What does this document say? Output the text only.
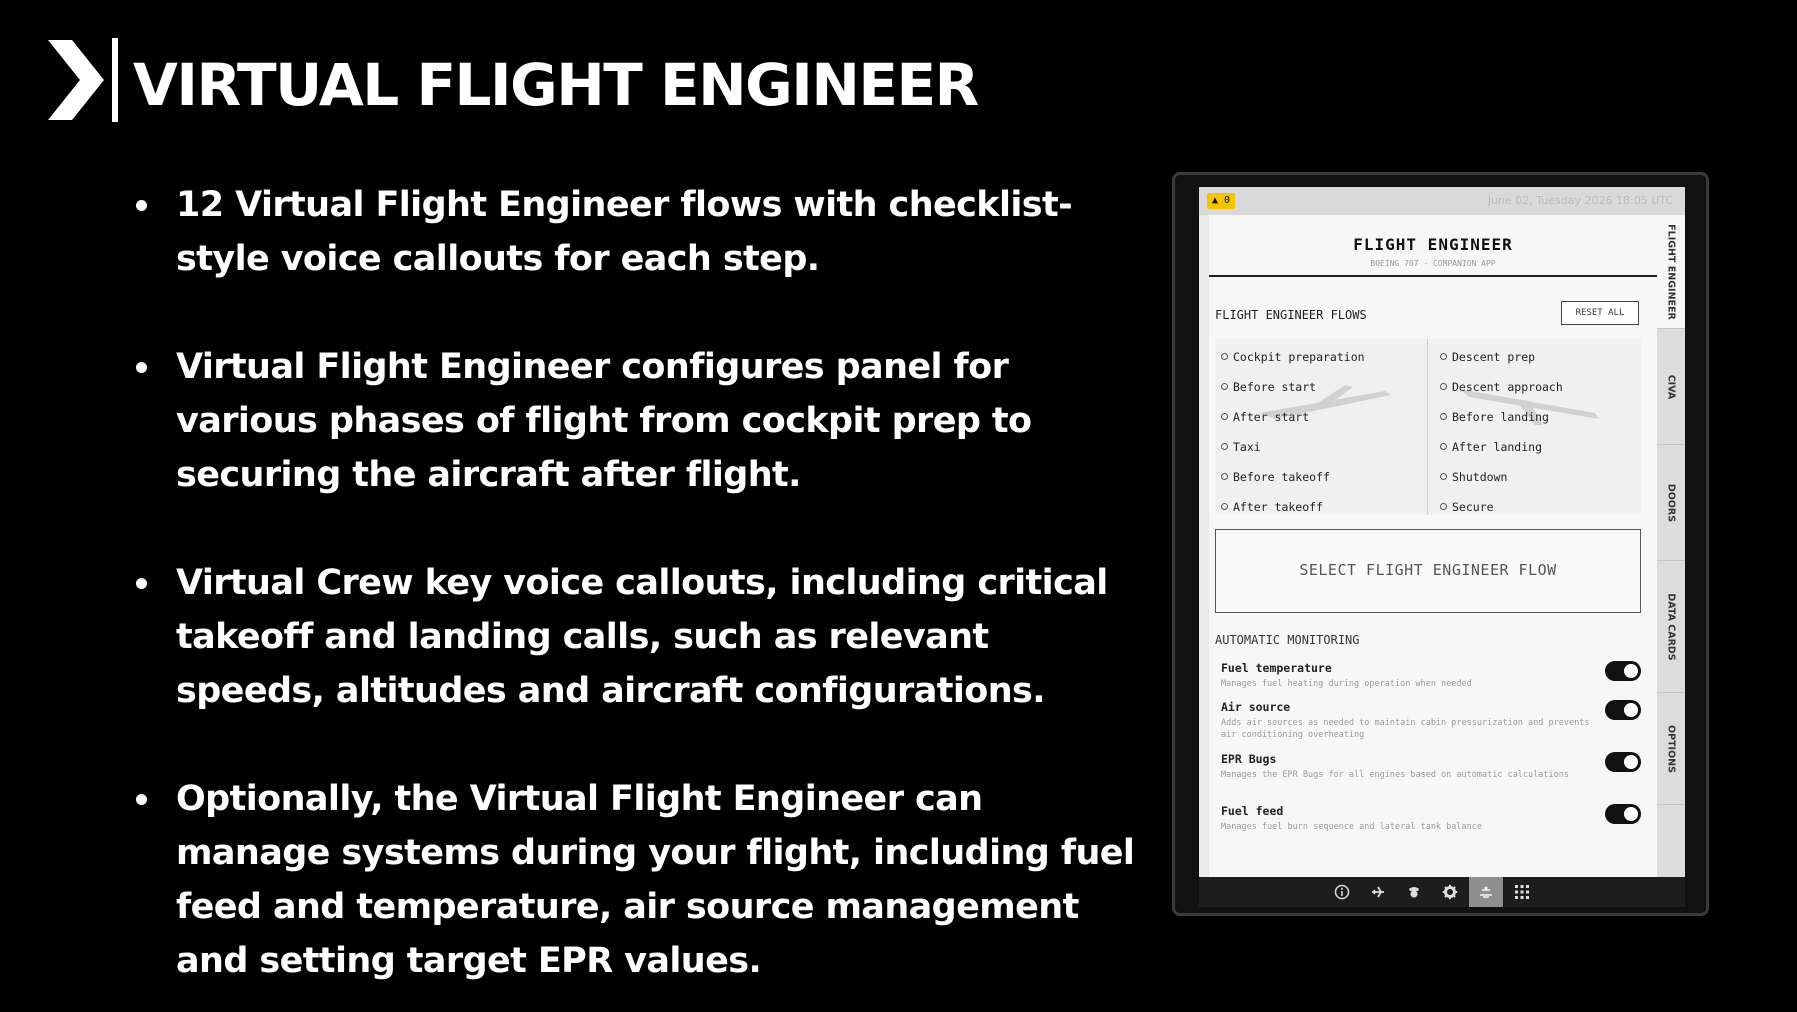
VIRTUAL FLIGHT ENGINEER
12 Virtual Flight Engineer flows with checklist-style voice callouts for each step.
Virtual Flight Engineer configures panel for various phases of flight from cockpit prep to securing the aircraft after flight.
Virtual Crew key voice callouts, including critical takeoff and landing calls, such as relevant speeds, altitudes and aircraft configurations.
Optionally, the Virtual Flight Engineer can manage systems during your flight, including fuel feed and temperature, air source management and setting target EPR values.
▲ 0	June 02, Tuesday 2026 18:05 UTC
FLIGHT ENGINEER
BOEING 707 - COMPANION APP
FLIGHT ENGINEER FLOWS	RESET ALL
Cockpit preparation
Before start
After start
Taxi
Before takeoff
After takeoff
Descent prep
Descent approach
Before landing
After landing
Shutdown
Secure
SELECT FLIGHT ENGINEER FLOW
AUTOMATIC MONITORING
Fuel temperature
Manages fuel heating during operation when needed
Air source
Adds air sources as needed to maintain cabin pressurization and prevents air conditioning overheating
EPR Bugs
Manages the EPR Bugs for all engines based on automatic calculations
Fuel feed
Manages fuel burn sequence and lateral tank balance
FLIGHT ENGINEER
CIVA
DOORS
DATA CARDS
OPTIONS
